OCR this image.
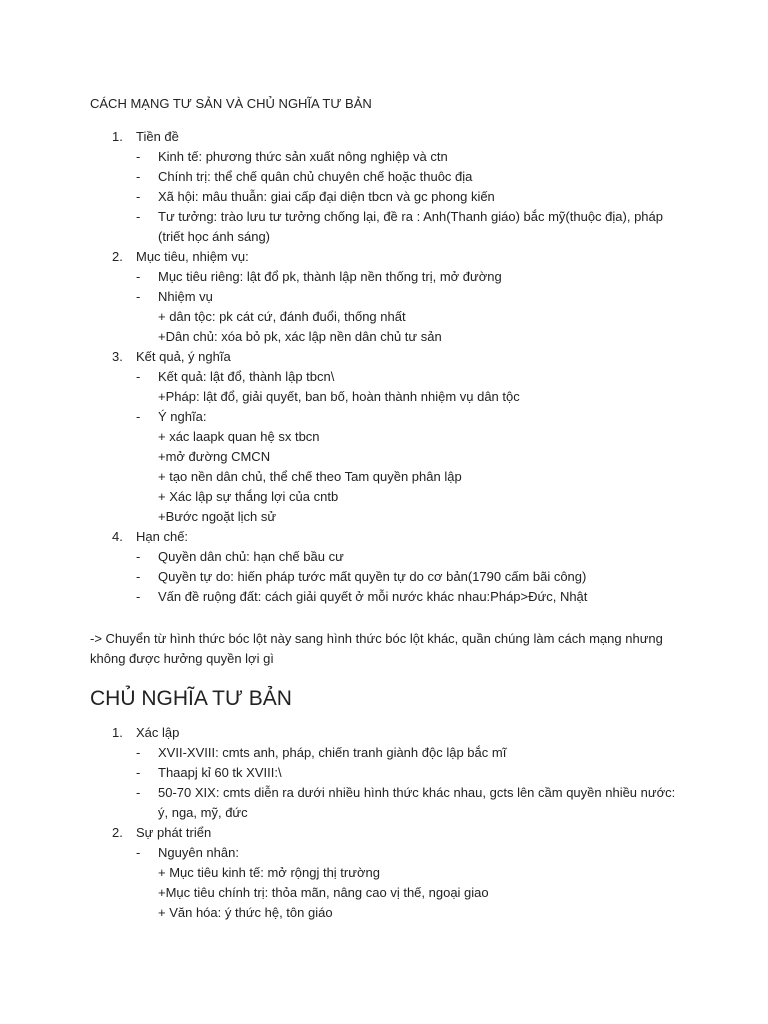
CÁCH MẠNG TƯ SẢN VÀ CHỦ NGHĨA TƯ BẢN
1. Tiền đề
- Kinh tế: phương thức sản xuất nông nghiệp và ctn
- Chính trị: thể chế quân chủ chuyên chế hoặc thuôc địa
- Xã hội: mâu thuẫn: giai cấp đại diện tbcn và gc phong kiến
- Tư tưởng: trào lưu tư tưởng chống lại, đề ra : Anh(Thanh giáo) bắc mỹ(thuộc địa), pháp (triết học ánh sáng)
2. Mục tiêu, nhiệm vụ:
- Mục tiêu riêng: lật đổ pk, thành lập nền thống trị, mở đường
- Nhiệm vụ
+ dân tộc: pk cát cứ, đánh đuổi, thống nhất
+Dân chủ: xóa bỏ pk, xác lập nền dân chủ tư sản
3. Kết quả, ý nghĩa
- Kết quả: lật đổ, thành lập tbcn\
+Pháp: lật đổ, giải quyết, ban bố, hoàn thành nhiệm vụ dân tộc
- Ý nghĩa:
+ xác laapk quan hệ sx tbcn
+mở đường CMCN
+ tạo nền dân chủ, thể chế theo Tam quyền phân lập
+ Xác lập sự thắng lợi của cntb
+Bước ngoặt lịch sử
4. Hạn chế:
- Quyền dân chủ: hạn chế bầu cư
- Quyền tự do: hiến pháp tước mất quyền tự do cơ bản(1790 cấm bãi công)
- Vấn đề ruộng đất: cách giải quyết ở mỗi nước khác nhau:Pháp>Đức, Nhật
-> Chuyển từ hình thức bóc lột này sang hình thức bóc lột khác, quần chúng làm cách mạng nhưng không được hưởng quyền lợi gì
CHỦ NGHĨA TƯ BẢN
1. Xác lập
- XVII-XVIII: cmts anh, pháp, chiến tranh giành độc lập bắc mĩ
- Thaapj kỉ 60 tk XVIII:\
- 50-70 XIX: cmts diễn ra dưới nhiều hình thức khác nhau, gcts lên cầm quyền nhiều nước: ý, nga, mỹ, đức
2. Sự phát triển
- Nguyên nhân:
+ Mục tiêu kinh tế: mở rộngj thị trường
+Mục tiêu chính trị: thỏa mãn, nâng cao vị thế, ngoại giao
+ Văn hóa: ý thức hệ, tôn giáo
